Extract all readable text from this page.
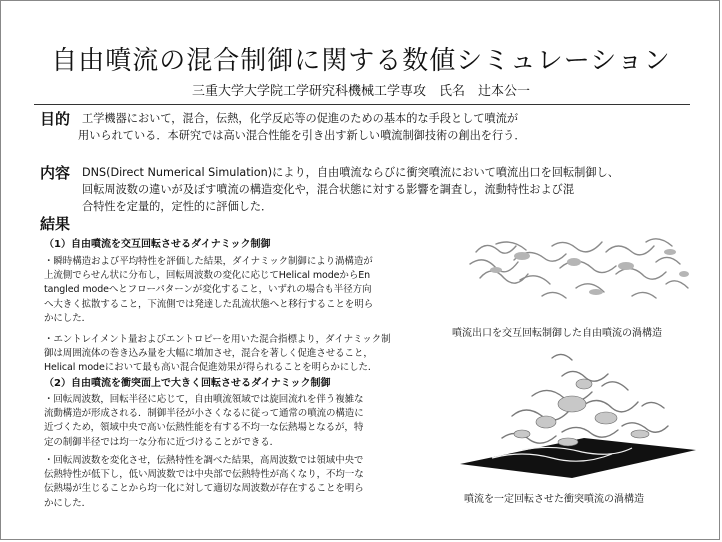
自由噴流の混合制御に関する数値シミュレーション
三重大学大学院工学研究科機械工学専攻　氏名　辻本公一
目的 工学機器において，混合，伝熱，化学反応等の促進のための基本的な手段として噴流が
用いられている．本研究では高い混合性能を引き出す新しい噴流制御技術の創出を行う．
内容 DNS(Direct Numerical Simulation)により，自由噴流ならびに衝突噴流において噴流出口を回転制御し、
回転周波数の違いが及ぼす噴流の構造変化や，混合状態に対する影響を調査し，流動特性および混
合特性を定量的，定性的に評価した．
結果
（1）自由噴流を交互回転させるダイナミック制御
・瞬時構造および平均特性を評価した結果，ダイナミック制御により渦構造が
上流側でらせん状に分布し，回転周波数の変化に応じてHelical modeからEn
tangled modeへとフローパターンが変化すること，いずれの場合も半径方向
へ大きく拡散すること，下流側では発達した乱流状態へと移行することを明ら
かにした．
・エントレイメント量およびエントロピーを用いた混合指標より，ダイナミック制
御は周囲流体の巻き込み量を大幅に増加させ，混合を著しく促進させること，
Helical modeにおいて最も高い混合促進効果が得られることを明らかにした．
（2）自由噴流を衝突面上で大きく回転させるダイナミック制御
・回転周波数，回転半径に応じて，自由噴流領域では旋回流れを伴う複雑な
流動構造が形成される．制御半径が小さくなるに従って通常の噴流の構造に
近づくため，領域中央で高い伝熱性能を有する不均一な伝熱場となるが，特
定の制御半径では均一な分布に近づけることができる．
・回転周波数を変化させ，伝熱特性を調べた結果，高周波数では領域中央で
伝熱特性が低下し，低い周波数では中央部で伝熱特性が高くなり，不均一な
伝熱場が生じることから均一化に対して適切な周波数が存在することを明ら
かにした．
噴流出口を交互回転制御した自由噴流の渦構造
噴流を一定回転させた衝突噴流の渦構造
